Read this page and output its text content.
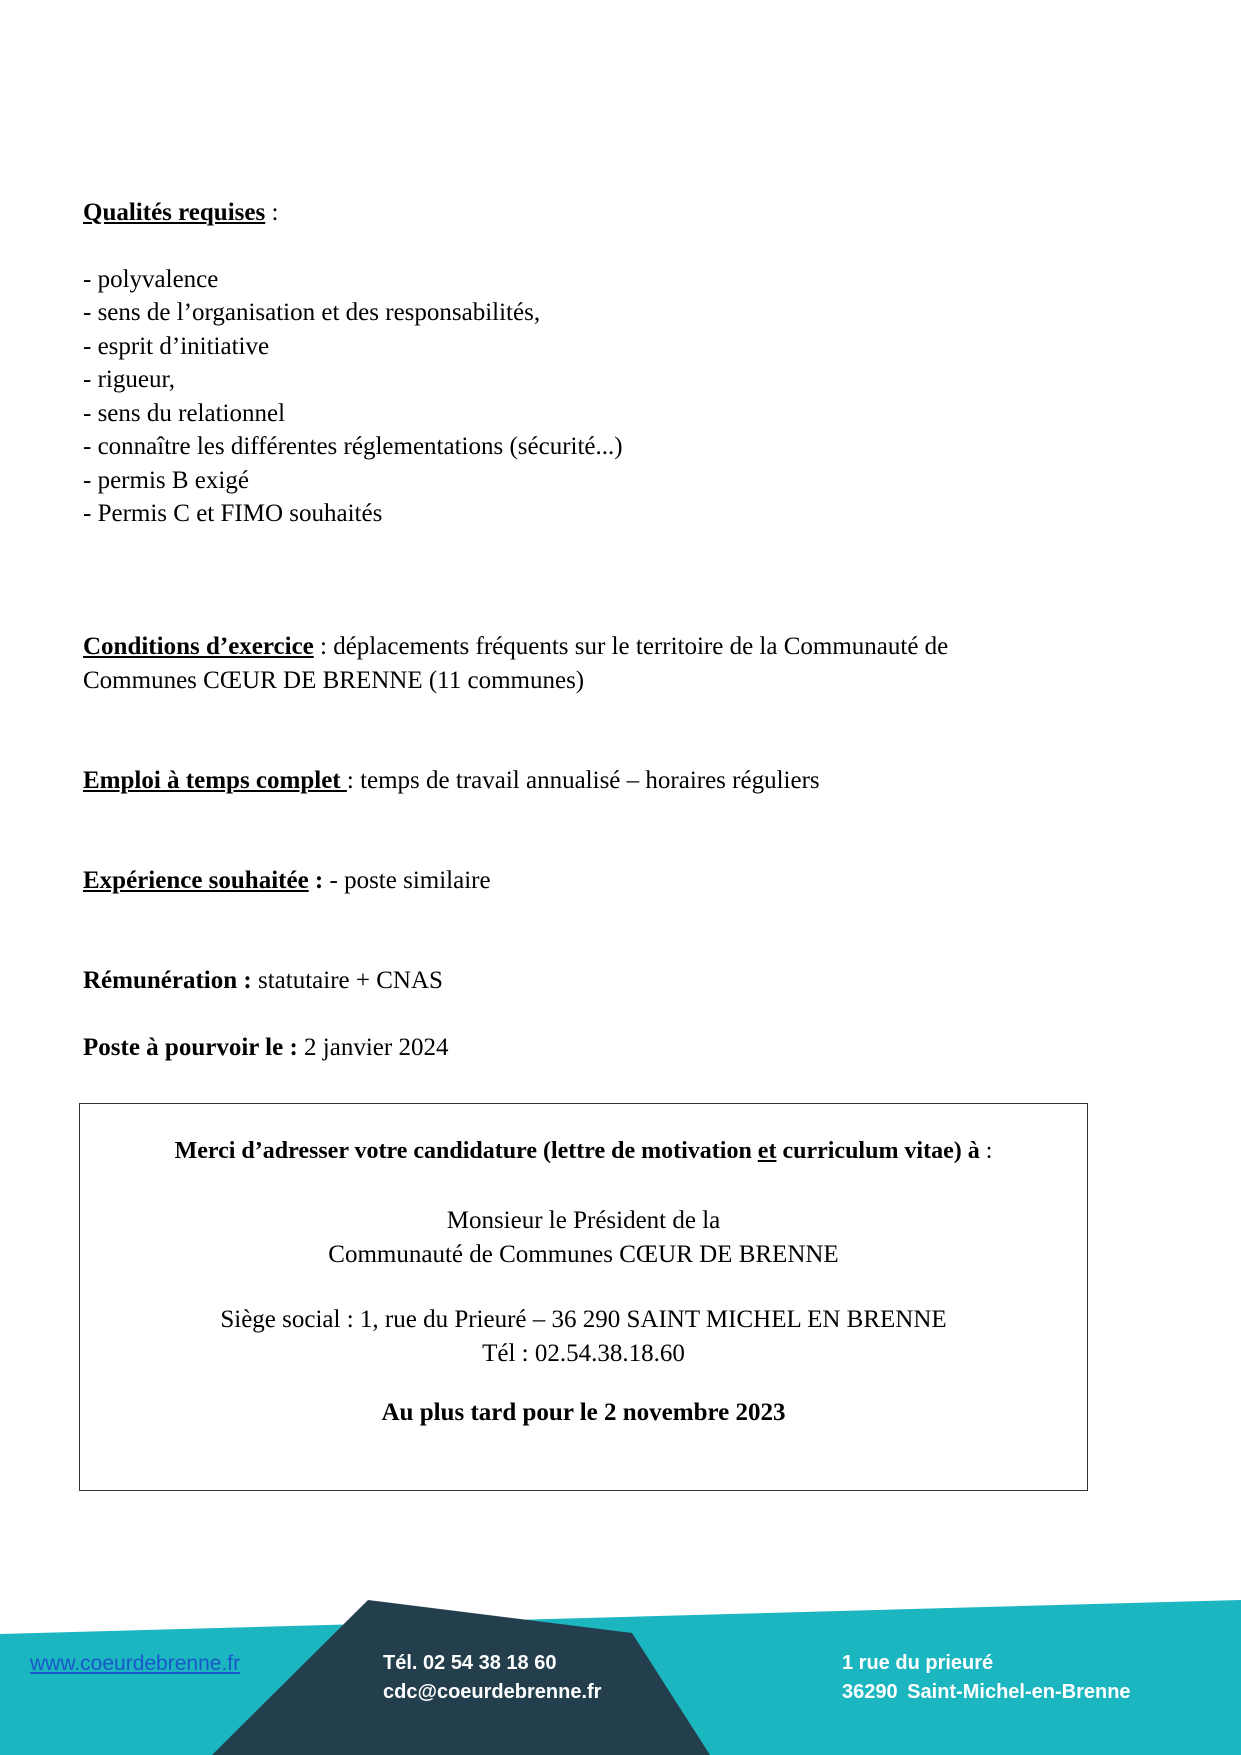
Qualités requises :
- polyvalence
- sens de l’organisation et des responsabilités,
- esprit d’initiative
- rigueur,
- sens du relationnel
- connaître les différentes réglementations (sécurité...)
- permis B exigé
- Permis C et FIMO souhaités
Conditions d’exercice : déplacements fréquents sur le territoire de la Communauté de
Communes CŒUR DE BRENNE (11 communes)
Emploi à temps complet : temps de travail annualisé – horaires réguliers
Expérience souhaitée : - poste similaire
Rémunération : statutaire + CNAS
Poste à pourvoir le : 2 janvier 2024
Merci d’adresser votre candidature (lettre de motivation et curriculum vitae) à :
Monsieur le Président de la
Communauté de Communes CŒUR DE BRENNE
Siège social : 1, rue du Prieuré – 36 290 SAINT MICHEL EN BRENNE
Tél : 02.54.38.18.60
Au plus tard pour le 2 novembre 2023
www.coeurdebrenne.fr	Tél. 02 54 38 18 60
cdc@coeurdebrenne.fr
1 rue du prieuré
36290 Saint-Michel-en-Brenne
